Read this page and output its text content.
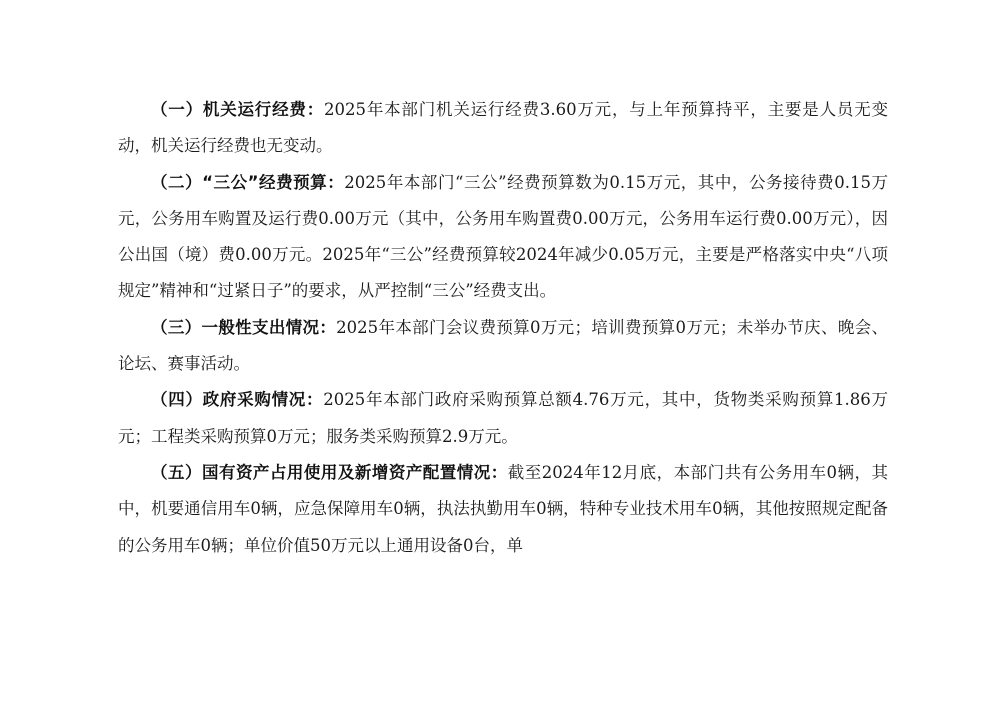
（一）机关运行经费：2025年本部门机关运行经费3.60万元，与上年预算持平，主要是人员无变动，机关运行经费也无变动。

（二）“三公”经费预算：2025年本部门“三公”经费预算数为0.15万元，其中，公务接待费0.15万元，公务用车购置及运行费0.00万元（其中，公务用车购置费0.00万元，公务用车运行费0.00万元），因公出国（境）费0.00万元。2025年“三公”经费预算较2024年减少0.05万元，主要是严格落实中央“八项规定”精神和“过紧日子”的要求，从严控制“三公”经费支出。

（三）一般性支出情况：2025年本部门会议费预算0万元；培训费预算0万元；未举办节庆、晚会、论坛、赛事活动。

（四）政府采购情况：2025年本部门政府采购预算总额4.76万元，其中，货物类采购预算1.86万元；工程类采购预算0万元；服务类采购预算2.9万元。

（五）国有资产占用使用及新增资产配置情况：截至2024年12月底，本部门共有公务用车0辆，其中，机要通信用车0辆，应急保障用车0辆，执法执勤用车0辆，特种专业技术用车0辆，其他按照规定配备的公务用车0辆；单位价值50万元以上通用设备0台，单
